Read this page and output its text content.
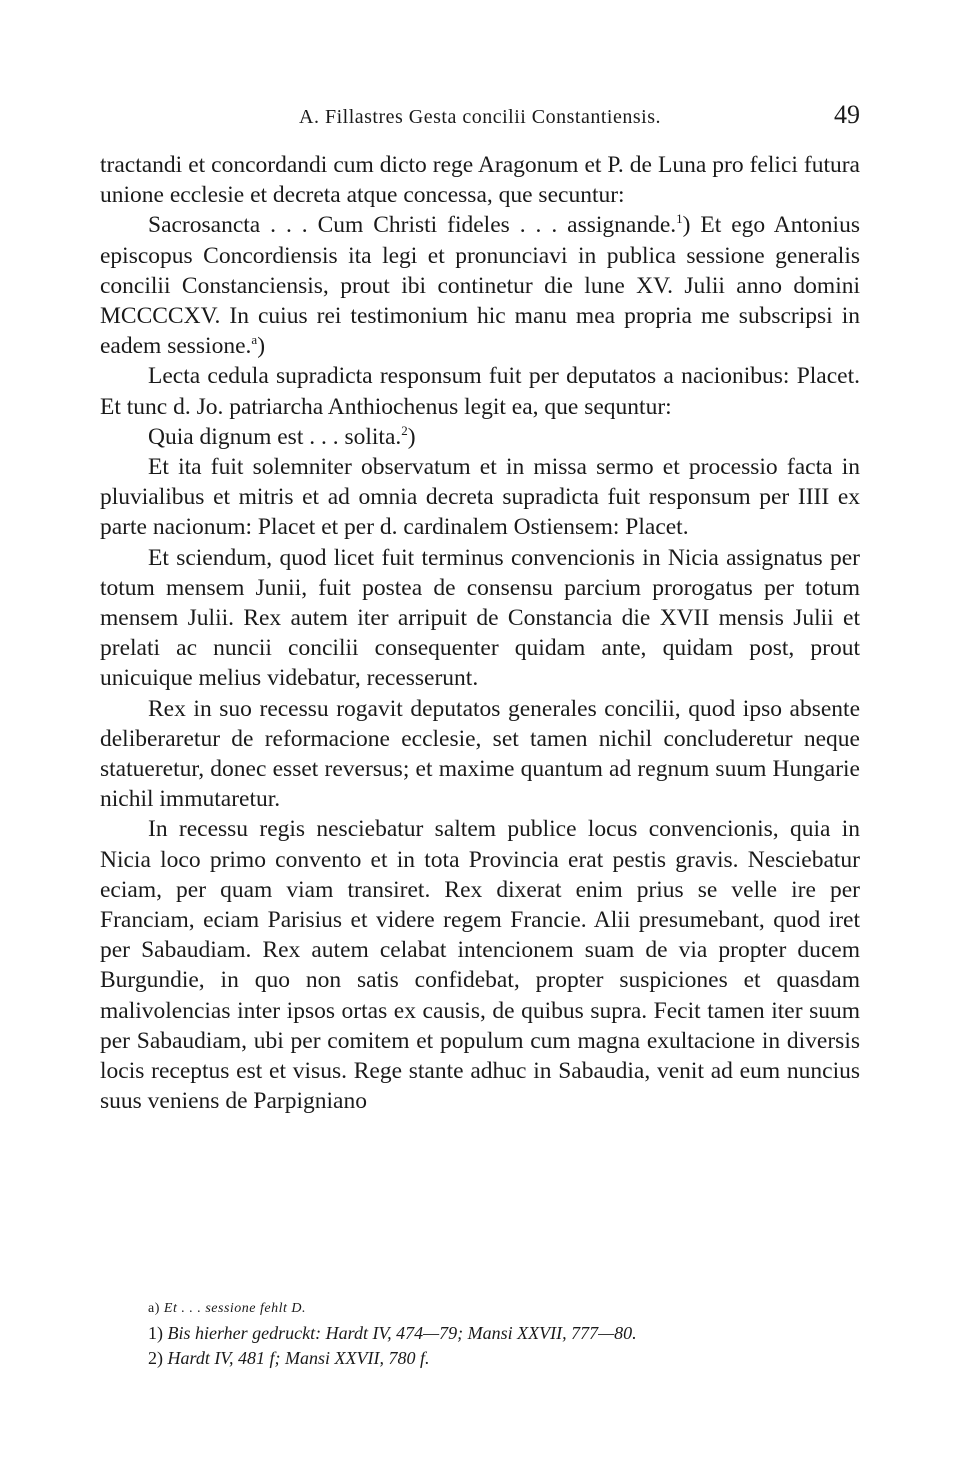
A. Fillastres Gesta concilii Constantiensis.	49

tractandi et concordandi cum dicto rege Aragonum et P. de Luna pro felici futura unione ecclesie et decreta atque concessa, que secuntur:

Sacrosancta . . . Cum Christi fideles . . . assignande.$^1$) Et ego Antonius episcopus Concordiensis ita legi et pronunciavi in publica sessione generalis concilii Constanciensis, prout ibi continetur die lune XV. Julii anno domini MCCCCXV. In cuius rei testimonium hic manu mea propria me subscripsi in eadem sessione.$^a$)

Lecta cedula supradicta responsum fuit per deputatos a nacionibus: Placet. Et tunc d. Jo. patriarcha Anthiochenus legit ea, que sequntur:

Quia dignum est . . . solita.$^2$)

Et ita fuit solemniter observatum et in missa sermo et processio facta in pluvialibus et mitris et ad omnia decreta supradicta fuit responsum per IIII ex parte nacionum: Placet et per d. cardinalem Ostiensem: Placet.

Et sciendum, quod licet fuit terminus convencionis in Nicia assignatus per totum mensem Junii, fuit postea de consensu parcium prorogatus per totum mensem Julii. Rex autem iter arripuit de Constancia die XVII mensis Julii et prelati ac nuncii concilii consequenter quidam ante, quidam post, prout unicuique melius videbatur, recesserunt.

Rex in suo recessu rogavit deputatos generales concilii, quod ipso absente deliberaretur de reformacione ecclesie, set tamen nichil concluderetur neque statueretur, donec esset reversus; et maxime quantum ad regnum suum Hungarie nichil immutaretur.

In recessu regis nesciebatur saltem publice locus convencionis, quia in Nicia loco primo convento et in tota Provincia erat pestis gravis. Nesciebatur eciam, per quam viam transiret. Rex dixerat enim prius se velle ire per Franciam, eciam Parisius et videre regem Francie. Alii presumebant, quod iret per Sabaudiam. Rex autem celabat intencionem suam de via propter ducem Burgundie, in quo non satis confidebat, propter suspiciones et quasdam malivolencias inter ipsos ortas ex causis, de quibus supra. Fecit tamen iter suum per Sabaudiam, ubi per comitem et populum cum magna exultacione in diversis locis receptus est et visus. Rege stante adhuc in Sabaudia, venit ad eum nuncius suus veniens de Parpigniano

a) Et . . . sessione fehlt D.

1) Bis hierher gedruckt: Hardt IV, 474—79; Mansi XXVII, 777—80.

2) Hardt IV, 481 f; Mansi XXVII, 780 f.
